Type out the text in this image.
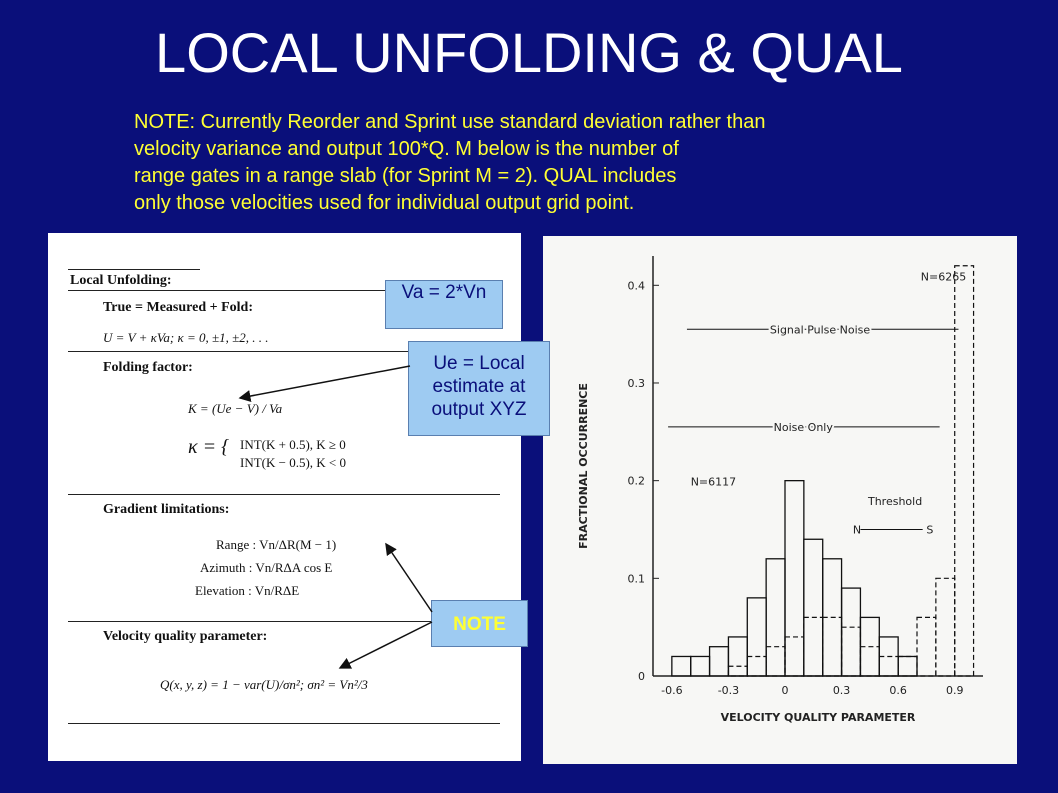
LOCAL UNFOLDING & QUAL
NOTE: Currently Reorder and Sprint use standard deviation rather than
velocity variance and output 100*Q. M below is the number of
range gates in a range slab (for Sprint M = 2). QUAL includes
only those velocities used for individual output grid point.
Local Unfolding:
True = Measured + Fold:
U = V + κVa; κ = 0, ±1, ±2, . . .
Folding factor:
K = (Ue − V) / Va
κ = { INT(K + 0.5), K ≥ 0
INT(K − 0.5), K < 0
Gradient limitations:
Range : Vn/ΔR(M − 1)
Azimuth : Vn/RΔA cos E
Elevation : Vn/RΔE
Velocity quality parameter:
Q(x, y, z) = 1 − var(U)/σn²; σn² = Vn²/3	-0.6	-0.3	0	0.3	0.6	0.9
0
0.1
0.2
0.3
0.4
VELOCITY QUALITY PARAMETER
FRACTIONAL OCCURRENCE
N=6265
N=6117
Signal Pulse Noise
Noise Only
Threshold
N	S
Va = 2*Vn
Ue = Local estimate at output XYZ
NOTE
